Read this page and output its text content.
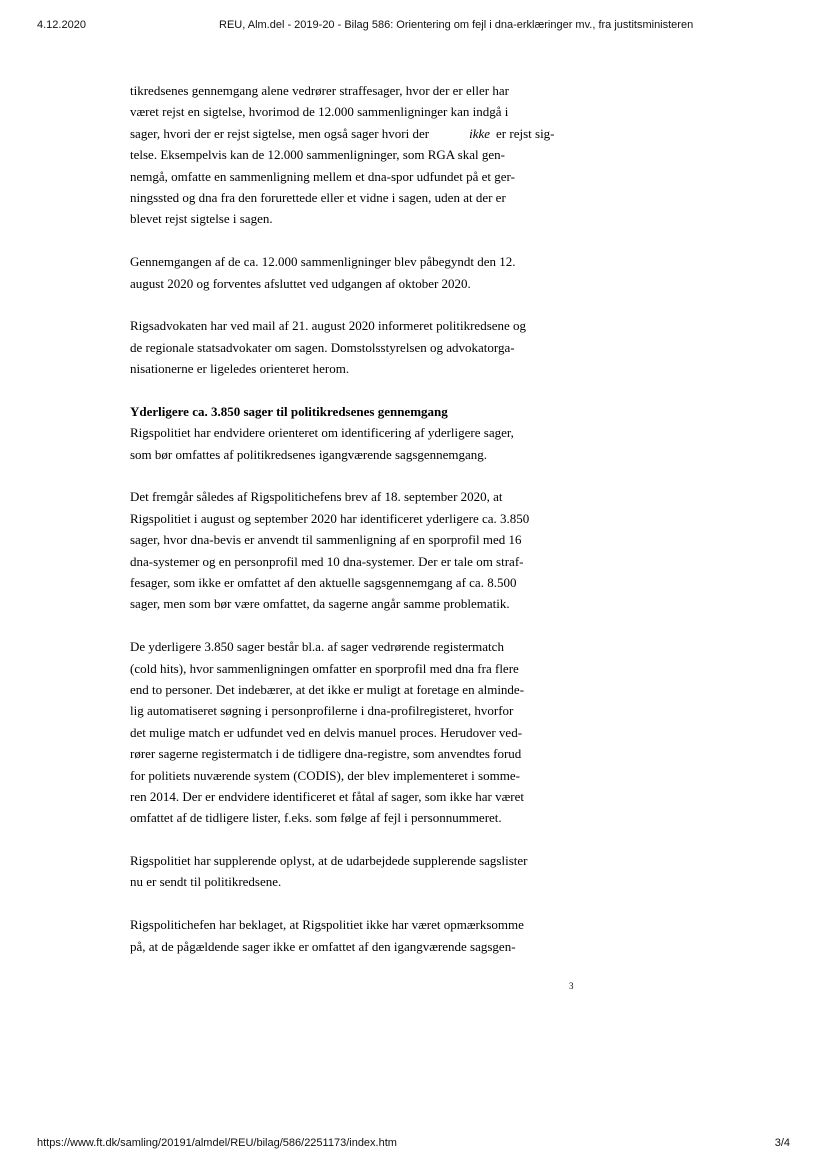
4.12.2020	REU, Alm.del - 2019-20 - Bilag 586: Orientering om fejl i dna-erklæringer mv., fra justitsministeren
tikredsenes gennemgang alene vedrører straffesager, hvor der er eller har
været rejst en sigtelse, hvorimod de 12.000 sammenligninger kan indgå i
sager, hvori der er rejst sigtelse, men også sager hvori der	ikke er rejst sig-
telse. Eksempelvis kan de 12.000 sammenligninger, som RGA skal gen-
nemgå, omfatte en sammenligning mellem et dna-spor udfundet på et ger-
ningssted og dna fra den forurettede eller et vidne i sagen, uden at der er
blevet rejst sigtelse i sagen.
Gennemgangen af de ca. 12.000 sammenligninger blev påbegyndt den 12.
august 2020 og forventes afsluttet ved udgangen af oktober 2020.
Rigsadvokaten har ved mail af 21. august 2020 informeret politikredsene og
de regionale statsadvokater om sagen. Domstolsstyrelsen og advokatorga-
nisationerne er ligeledes orienteret herom.
Yderligere ca. 3.850 sager til politikredsenes gennemgang
Rigspolitiet har endvidere orienteret om identificering af yderligere sager,
som bør omfattes af politikredsenes igangværende sagsgennemgang.
Det fremgår således af Rigspolitichefens brev af 18. september 2020, at
Rigspolitiet i august og september 2020 har identificeret yderligere ca. 3.850
sager, hvor dna-bevis er anvendt til sammenligning af en sporprofil med 16
dna-systemer og en personprofil med 10 dna-systemer. Der er tale om straf-
fesager, som ikke er omfattet af den aktuelle sagsgennemgang af ca. 8.500
sager, men som bør være omfattet, da sagerne angår samme problematik.
De yderligere 3.850 sager består bl.a. af sager vedrørende registermatch
(cold hits), hvor sammenligningen omfatter en sporprofil med dna fra flere
end to personer. Det indebærer, at det ikke er muligt at foretage en alminde-
lig automatiseret søgning i personprofilerne i dna-profilregisteret, hvorfor
det mulige match er udfundet ved en delvis manuel proces. Herudover ved-
rører sagerne registermatch i de tidligere dna-registre, som anvendtes forud
for politiets nuværende system (CODIS), der blev implementeret i somme-
ren 2014. Der er endvidere identificeret et fåtal af sager, som ikke har været
omfattet af de tidligere lister, f.eks. som følge af fejl i personnummeret.
Rigspolitiet har supplerende oplyst, at de udarbejdede supplerende sagslister
nu er sendt til politikredsene.
Rigspolitichefen har beklaget, at Rigspolitiet ikke har været opmærksomme
på, at de pågældende sager ikke er omfattet af den igangværende sagsgen-
3
https://www.ft.dk/samling/20191/almdel/REU/bilag/586/2251173/index.htm	3/4
